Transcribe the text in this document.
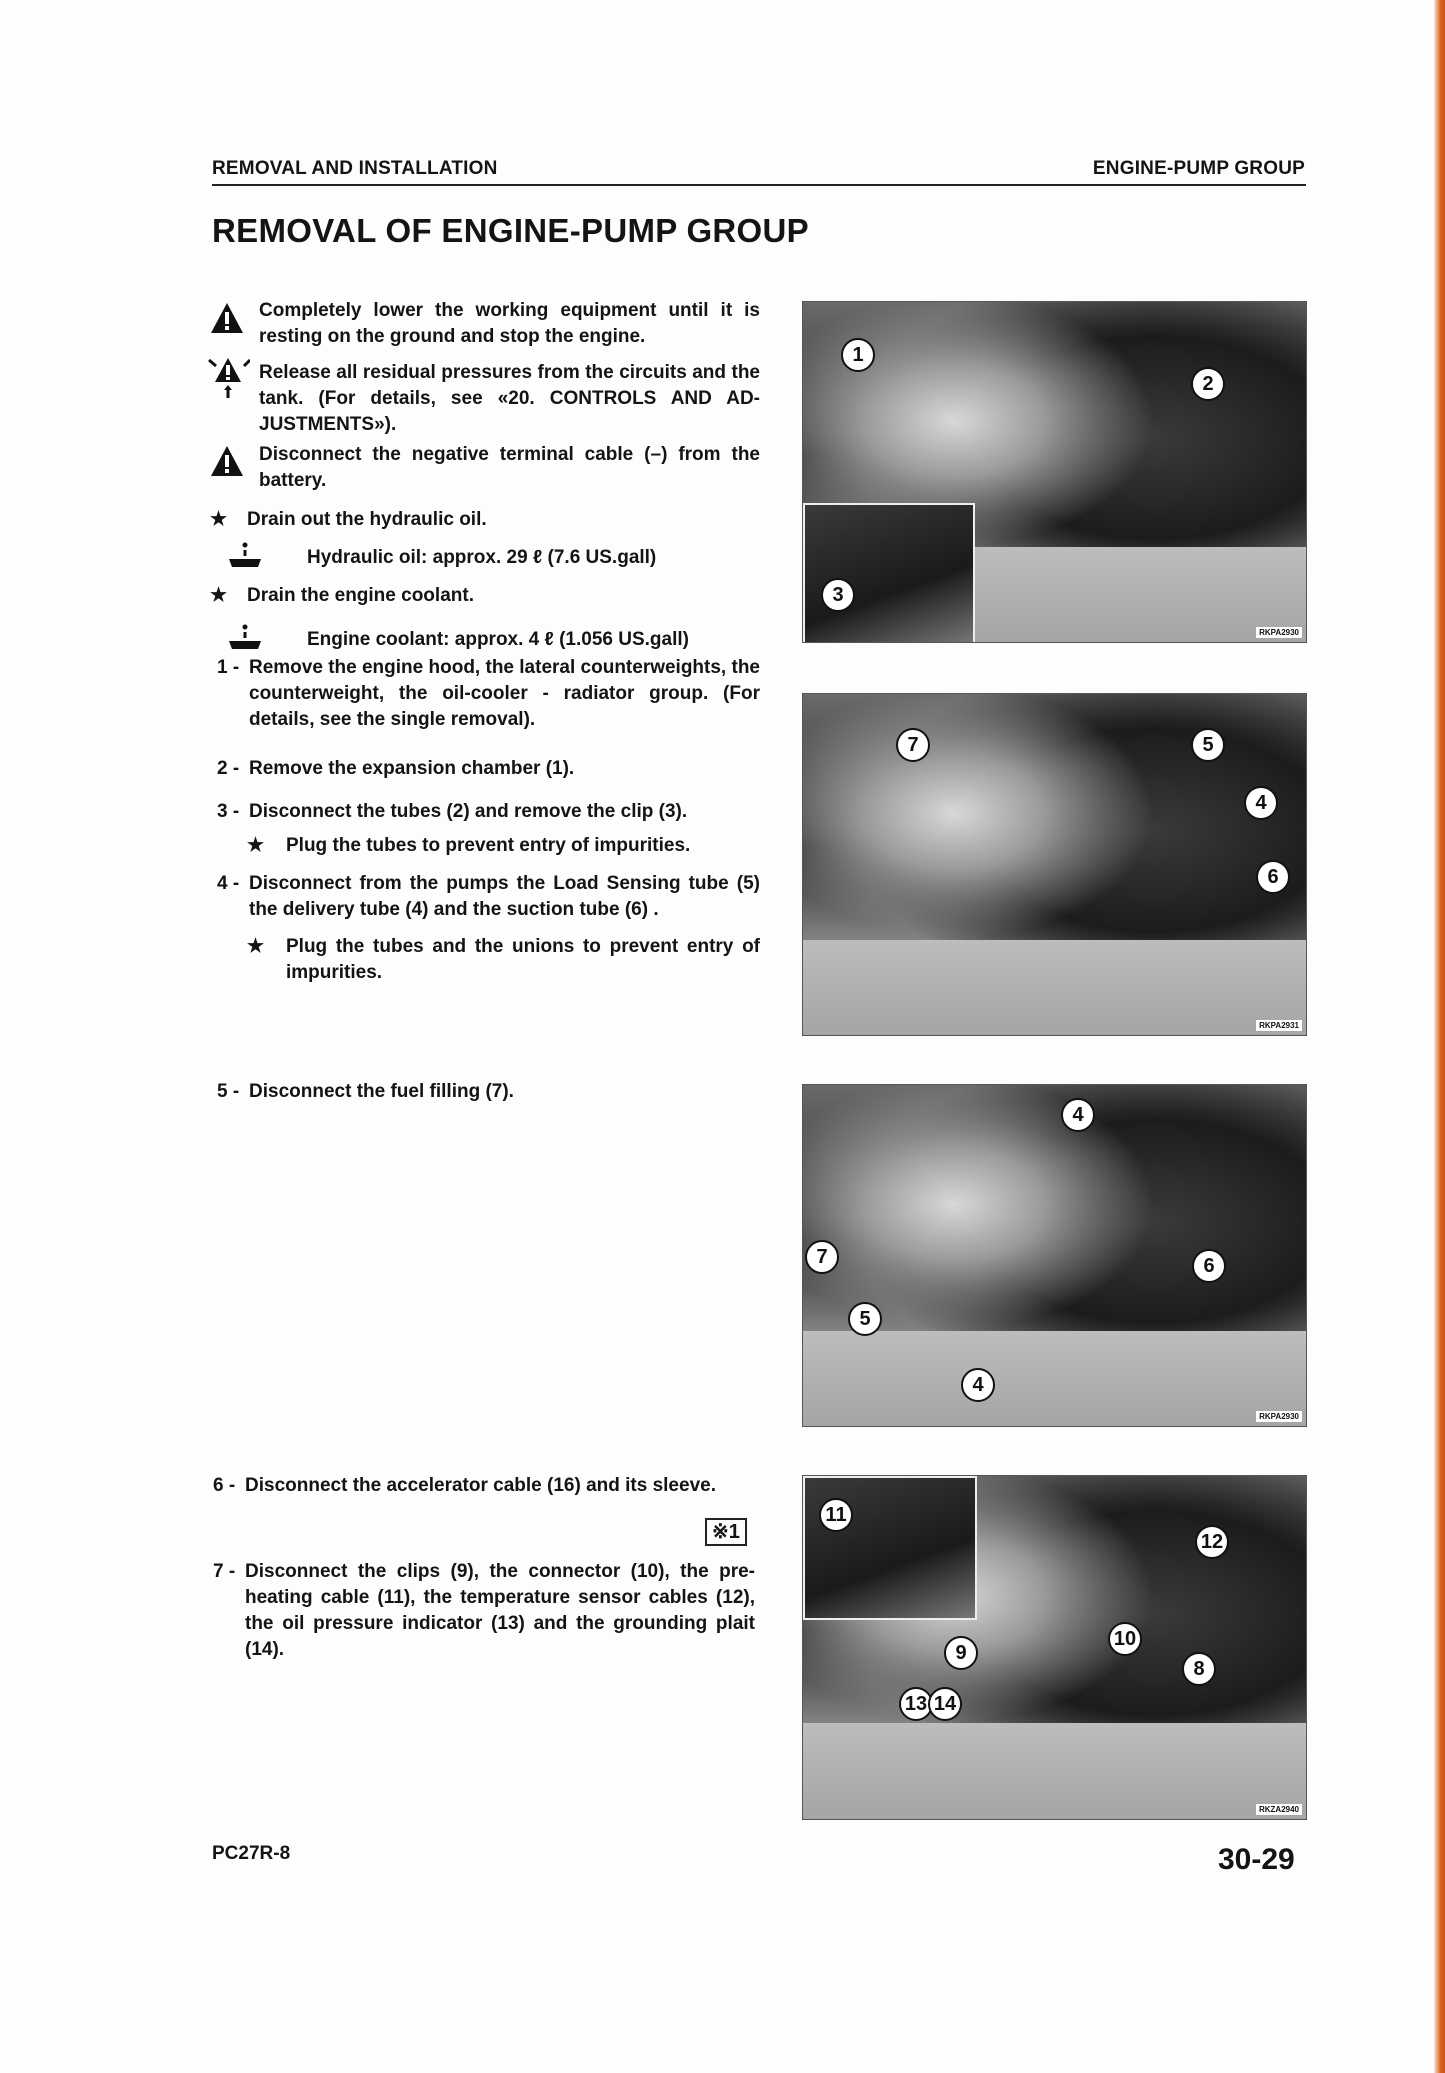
REMOVAL AND INSTALLATION	ENGINE-PUMP GROUP
REMOVAL OF ENGINE-PUMP GROUP
Completely lower the working equipment until it is resting on the ground and stop the engine.
Release all residual pressures from the circuits and the tank. (For details, see «20. CONTROLS AND AD-JUSTMENTS»).
Disconnect the negative terminal cable (–) from the battery.
★ Drain out the hydraulic oil.
Hydraulic oil: approx. 29 ℓ (7.6 US.gall)
★ Drain the engine coolant.
Engine coolant: approx. 4 ℓ (1.056 US.gall)
1 - Remove the engine hood, the lateral counterweights, the counterweight, the oil-cooler - radiator group. (For details, see the single removal).
2 - Remove the expansion chamber (1).
3 - Disconnect the tubes (2) and remove the clip (3).
★ Plug the tubes to prevent entry of impurities.
4 - Disconnect from the pumps the Load Sensing tube (5) the delivery tube (4) and the suction tube (6) .
★ Plug the tubes and the unions to prevent entry of impurities.
5 - Disconnect the fuel filling (7).
6 - Disconnect the accelerator cable (16) and its sleeve.
※1
7 - Disconnect the clips (9), the connector (10), the pre-heating cable (11), the temperature sensor cables (12), the oil pressure indicator (13) and the grounding plait (14).
1
2
3
RKPA2930
7	5
4
6
RKPA2931
4
7	6
5
4
RKPA2930
11
12
9
10
8
13 14
RKZA2940
PC27R-8	30-29
